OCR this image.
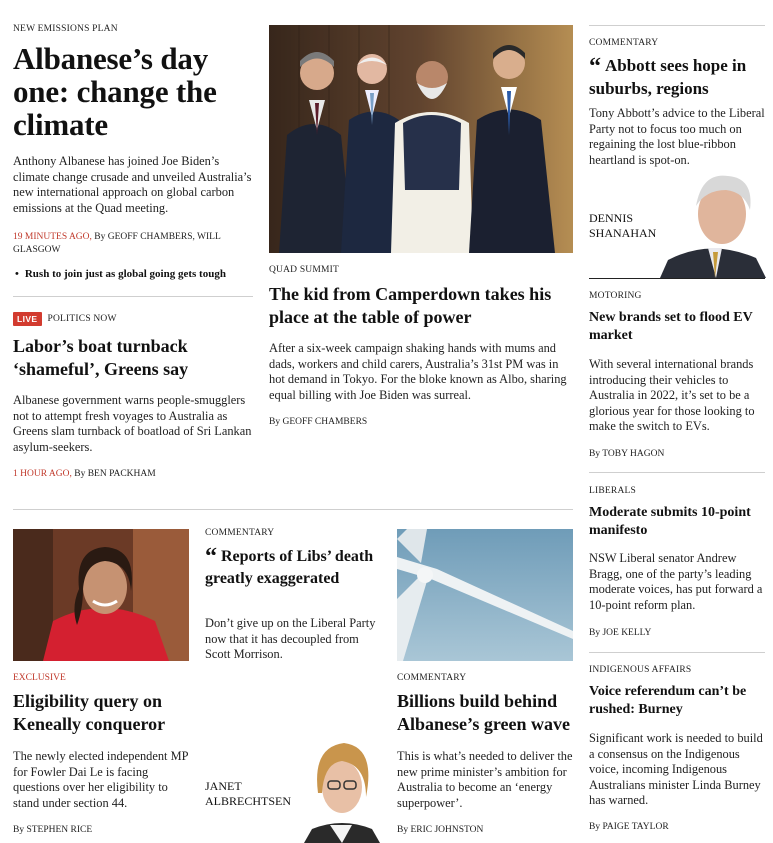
NEW EMISSIONS PLAN
Albanese’s day one: change the climate
Anthony Albanese has joined Joe Biden’s climate change crusade and unveiled Australia’s new international approach on global carbon emissions at the Quad meeting.
19 MINUTES AGO, By GEOFF CHAMBERS, WILL GLASGOW
• Rush to join just as global going gets tough
LIVE	POLITICS NOW
Labor’s boat turnback ‘shameful’, Greens say
Albanese government warns people-smugglers not to attempt fresh voyages to Australia as Greens slam turnback of boatload of Sri Lankan asylum-seekers.
1 HOUR AGO, By BEN PACKHAM
QUAD SUMMIT
The kid from Camperdown takes his place at the table of power
After a six-week campaign shaking hands with mums and dads, workers and child carers, Australia’s 31st PM was in hot demand in Tokyo. For the bloke known as Albo, sharing equal billing with Joe Biden was surreal.
By GEOFF CHAMBERS
COMMENTARY
“ Abbott sees hope in suburbs, regions
Tony Abbott’s advice to the Liberal Party not to focus too much on regaining the lost blue-ribbon heartland is spot-on.
DENNIS SHANAHAN
MOTORING
New brands set to flood EV market
With several international brands introducing their vehicles to Australia in 2022, it’s set to be a glorious year for those looking to make the switch to EVs.
By TOBY HAGON
LIBERALS
Moderate submits 10-point manifesto
NSW Liberal senator Andrew Bragg, one of the party’s leading moderate voices, has put forward a 10-point reform plan.
By JOE KELLY
INDIGENOUS AFFAIRS
Voice referendum can’t be rushed: Burney
Significant work is needed to build a consensus on the Indigenous voice, incoming Indigenous Australians minister Linda Burney has warned.
By PAIGE TAYLOR
EXCLUSIVE
Eligibility query on Keneally conqueror
The newly elected independent MP for Fowler Dai Le is facing questions over her eligibility to stand under section 44.
By STEPHEN RICE
COMMENTARY
“ Reports of Libs’ death greatly exaggerated
Don’t give up on the Liberal Party now that it has decoupled from Scott Morrison.
JANET ALBRECHTSEN
COMMENTARY
Billions build behind Albanese’s green wave
This is what’s needed to deliver the new prime minister’s ambition for Australia to become an ‘energy superpower’.
By ERIC JOHNSTON
